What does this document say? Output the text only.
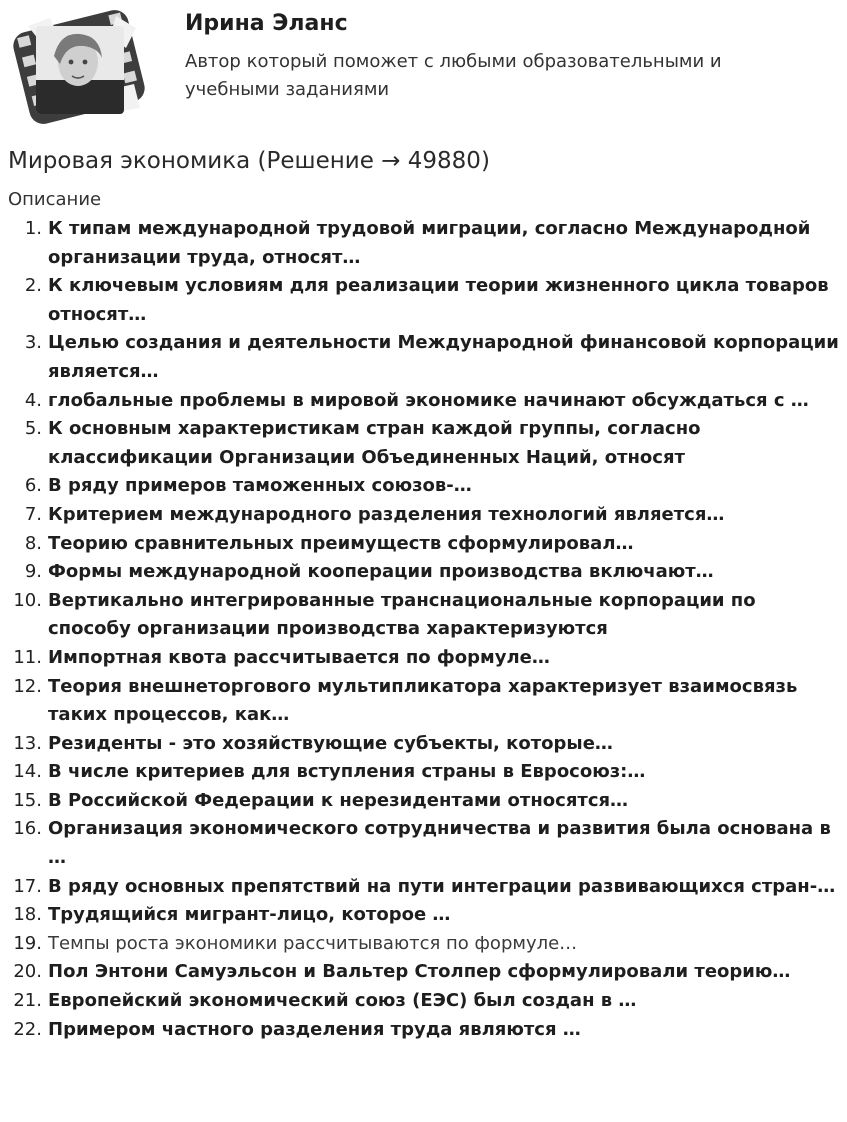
Ирина Эланс
Автор который поможет с любыми образовательными и учебными заданиями
Мировая экономика (Решение → 49880)
Описание
1. К типам международной трудовой миграции, согласно Международной организации труда, относят…
2. К ключевым условиям для реализации теории жизненного цикла товаров относят…
3. Целью создания и деятельности Международной финансовой корпорации является…
4. глобальные проблемы в мировой экономике начинают обсуждаться с …
5. К основным характеристикам стран каждой группы, согласно классификации Организации Объединенных Наций, относят
6. В ряду примеров таможенных союзов-…
7. Критерием международного разделения технологий является…
8. Теорию сравнительных преимуществ сформулировал…
9. Формы международной кооперации производства включают…
10. Вертикально интегрированные транснациональные корпорации по способу организации производства характеризуются
11. Импортная квота рассчитывается по формуле…
12. Теория внешнеторгового мультипликатора характеризует взаимосвязь таких процессов, как…
13. Резиденты - это хозяйствующие субъекты, которые…
14. В числе критериев для вступления страны в Евросоюз:…
15. В Российской Федерации к нерезидентами относятся…
16. Организация экономического сотрудничества и развития была основана в …
17. В ряду основных препятствий на пути интеграции развивающихся стран-…
18. Трудящийся мигрант-лицо, которое …
19. Темпы роста экономики рассчитываются по формуле…
20. Пол Энтони Самуэльсон и Вальтер Столпер сформулировали теорию…
21. Европейский экономический союз (ЕЭС) был создан в …
22. Примером частного разделения труда являются …
